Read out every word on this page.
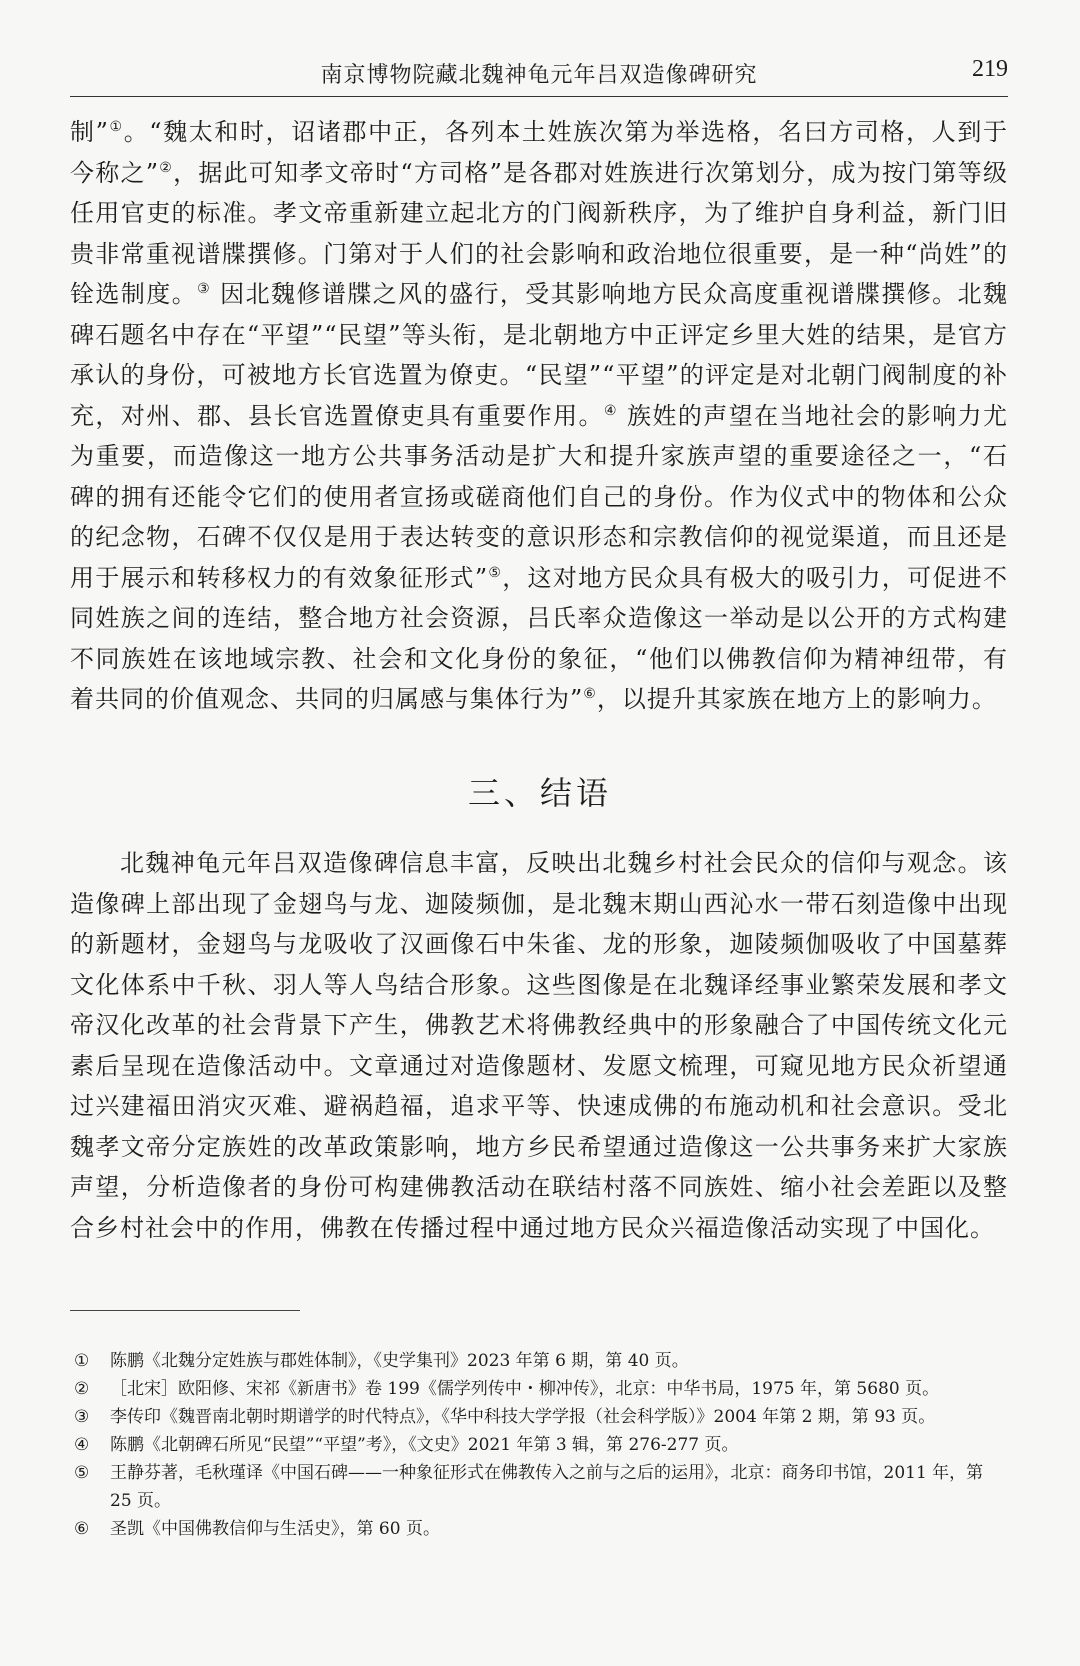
南京博物院藏北魏神龟元年吕双造像碑研究	219

制”①。“魏太和时，诏诸郡中正，各列本土姓族次第为举选格，名曰方司格，人到于今称之”②，据此可知孝文帝时“方司格”是各郡对姓族进行次第划分，成为按门第等级任用官吏的标准。孝文帝重新建立起北方的门阀新秩序，为了维护自身利益，新门旧贵非常重视谱牒撰修。门第对于人们的社会影响和政治地位很重要，是一种“尚姓”的铨选制度。③ 因北魏修谱牒之风的盛行，受其影响地方民众高度重视谱牒撰修。北魏碑石题名中存在“平望”“民望”等头衔，是北朝地方中正评定乡里大姓的结果，是官方承认的身份，可被地方长官选置为僚吏。“民望”“平望”的评定是对北朝门阀制度的补充，对州、郡、县长官选置僚吏具有重要作用。④ 族姓的声望在当地社会的影响力尤为重要，而造像这一地方公共事务活动是扩大和提升家族声望的重要途径之一，“石碑的拥有还能令它们的使用者宣扬或磋商他们自己的身份。作为仪式中的物体和公众的纪念物，石碑不仅仅是用于表达转变的意识形态和宗教信仰的视觉渠道，而且还是用于展示和转移权力的有效象征形式”⑤，这对地方民众具有极大的吸引力，可促进不同姓族之间的连结，整合地方社会资源，吕氏率众造像这一举动是以公开的方式构建不同族姓在该地域宗教、社会和文化身份的象征，“他们以佛教信仰为精神纽带，有着共同的价值观念、共同的归属感与集体行为”⑥，以提升其家族在地方上的影响力。

三、结语

北魏神龟元年吕双造像碑信息丰富，反映出北魏乡村社会民众的信仰与观念。该造像碑上部出现了金翅鸟与龙、迦陵频伽，是北魏末期山西沁水一带石刻造像中出现的新题材，金翅鸟与龙吸收了汉画像石中朱雀、龙的形象，迦陵频伽吸收了中国墓葬文化体系中千秋、羽人等人鸟结合形象。这些图像是在北魏译经事业繁荣发展和孝文帝汉化改革的社会背景下产生，佛教艺术将佛教经典中的形象融合了中国传统文化元素后呈现在造像活动中。文章通过对造像题材、发愿文梳理，可窥见地方民众祈望通过兴建福田消灾灭难、避祸趋福，追求平等、快速成佛的布施动机和社会意识。受北魏孝文帝分定族姓的改革政策影响，地方乡民希望通过造像这一公共事务来扩大家族声望，分析造像者的身份可构建佛教活动在联结村落不同族姓、缩小社会差距以及整合乡村社会中的作用，佛教在传播过程中通过地方民众兴福造像活动实现了中国化。

①	陈鹏《北魏分定姓族与郡姓体制》，《史学集刊》2023 年第 6 期，第 40 页。
②	［北宋］欧阳修、宋祁《新唐书》卷 199《儒学列传中・柳冲传》，北京：中华书局，1975 年，第 5680 页。
③	李传印《魏晋南北朝时期谱学的时代特点》，《华中科技大学学报（社会科学版）》2004 年第 2 期，第 93 页。
④	陈鹏《北朝碑石所见“民望”“平望”考》，《文史》2021 年第 3 辑，第 276-277 页。
⑤	王静芬著，毛秋瑾译《中国石碑——一种象征形式在佛教传入之前与之后的运用》，北京：商务印书馆，2011 年，第 25 页。
⑥	圣凯《中国佛教信仰与生活史》，第 60 页。
